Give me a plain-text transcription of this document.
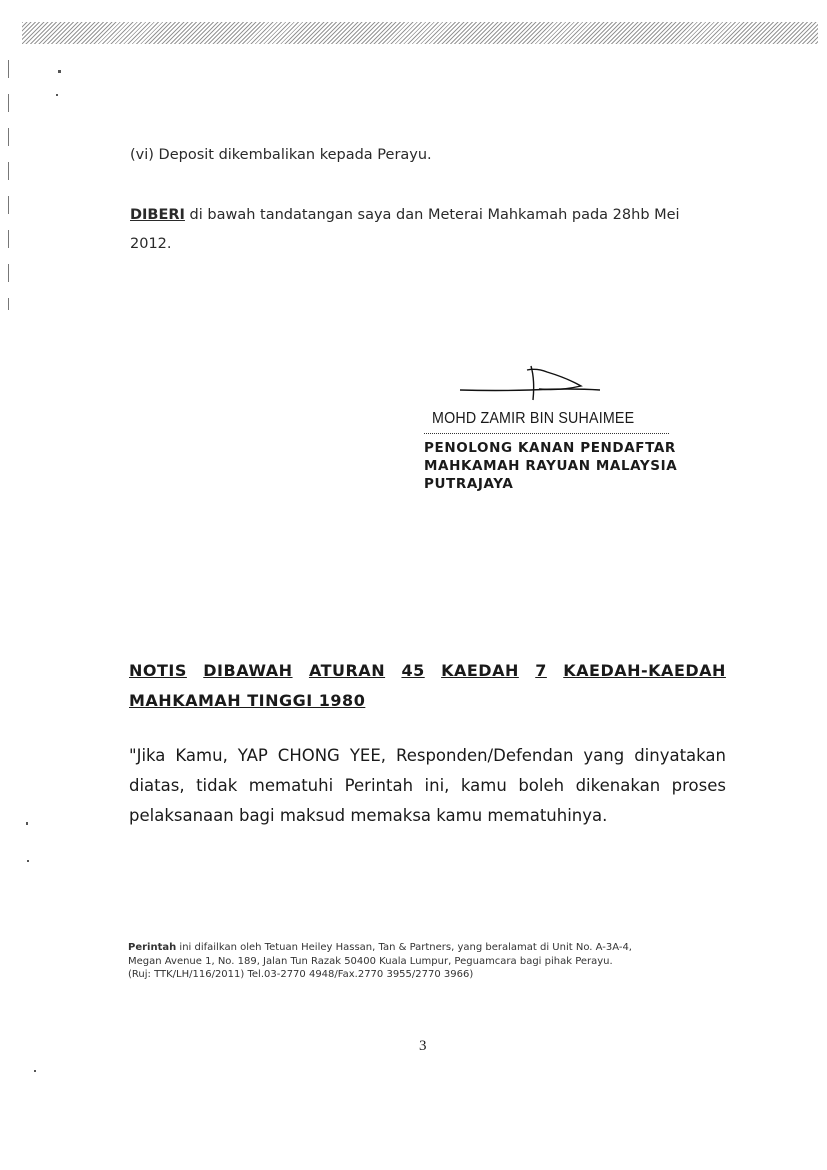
(vi) Deposit dikembalikan kepada Perayu.
DIBERI di bawah tandatangan saya dan Meterai Mahkamah pada 28hb Mei
2012.
MOHD ZAMIR BIN SUHAIMEE
PENOLONG KANAN PENDAFTAR
MAHKAMAH RAYUAN MALAYSIA
PUTRAJAYA
NOTIS DIBAWAH ATURAN 45 KAEDAH 7 KAEDAH-KAEDAH
MAHKAMAH TINGGI 1980
"Jika Kamu, YAP CHONG YEE, Responden/Defendan yang dinyatakan diatas, tidak mematuhi Perintah ini, kamu boleh dikenakan proses pelaksanaan bagi maksud memaksa kamu mematuhinya.
Perintah ini difailkan oleh Tetuan Heiley Hassan, Tan & Partners, yang beralamat di Unit No. A-3A-4,
Megan Avenue 1, No. 189, Jalan Tun Razak 50400 Kuala Lumpur, Peguamcara bagi pihak Perayu.
(Ruj: TTK/LH/116/2011) Tel.03-2770 4948/Fax.2770 3955/2770 3966)
3
